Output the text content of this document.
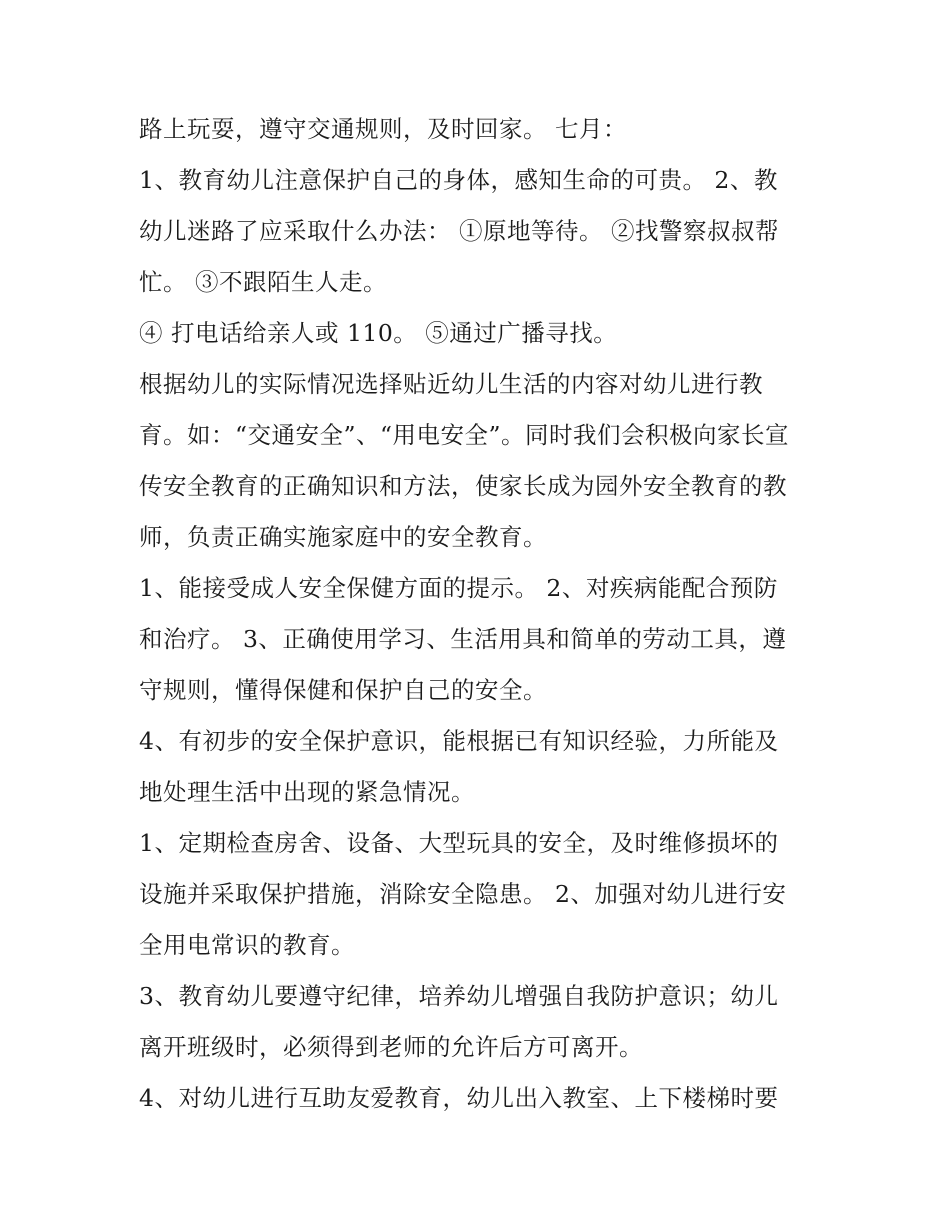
路上玩耍，遵守交通规则，及时回家。 七月：
1、教育幼儿注意保护自己的身体，感知生命的可贵。 2、教
幼儿迷路了应采取什么办法： ①原地等待。 ②找警察叔叔帮
忙。 ③不跟陌生人走。
④ 打电话给亲人或 110。 ⑤通过广播寻找。
根据幼儿的实际情况选择贴近幼儿生活的内容对幼儿进行教
育。如：“交通安全”、“用电安全”。同时我们会积极向家长宣
传安全教育的正确知识和方法，使家长成为园外安全教育的教
师，负责正确实施家庭中的安全教育。
1、能接受成人安全保健方面的提示。 2、对疾病能配合预防
和治疗。 3、正确使用学习、生活用具和简单的劳动工具，遵
守规则，懂得保健和保护自己的安全。
4、有初步的安全保护意识，能根据已有知识经验，力所能及
地处理生活中出现的紧急情况。
1、定期检查房舍、设备、大型玩具的安全，及时维修损坏的
设施并采取保护措施，消除安全隐患。 2、加强对幼儿进行安
全用电常识的教育。
3、教育幼儿要遵守纪律，培养幼儿增强自我防护意识；幼儿
离开班级时，必须得到老师的允许后方可离开。
4、对幼儿进行互助友爱教育，幼儿出入教室、上下楼梯时要
